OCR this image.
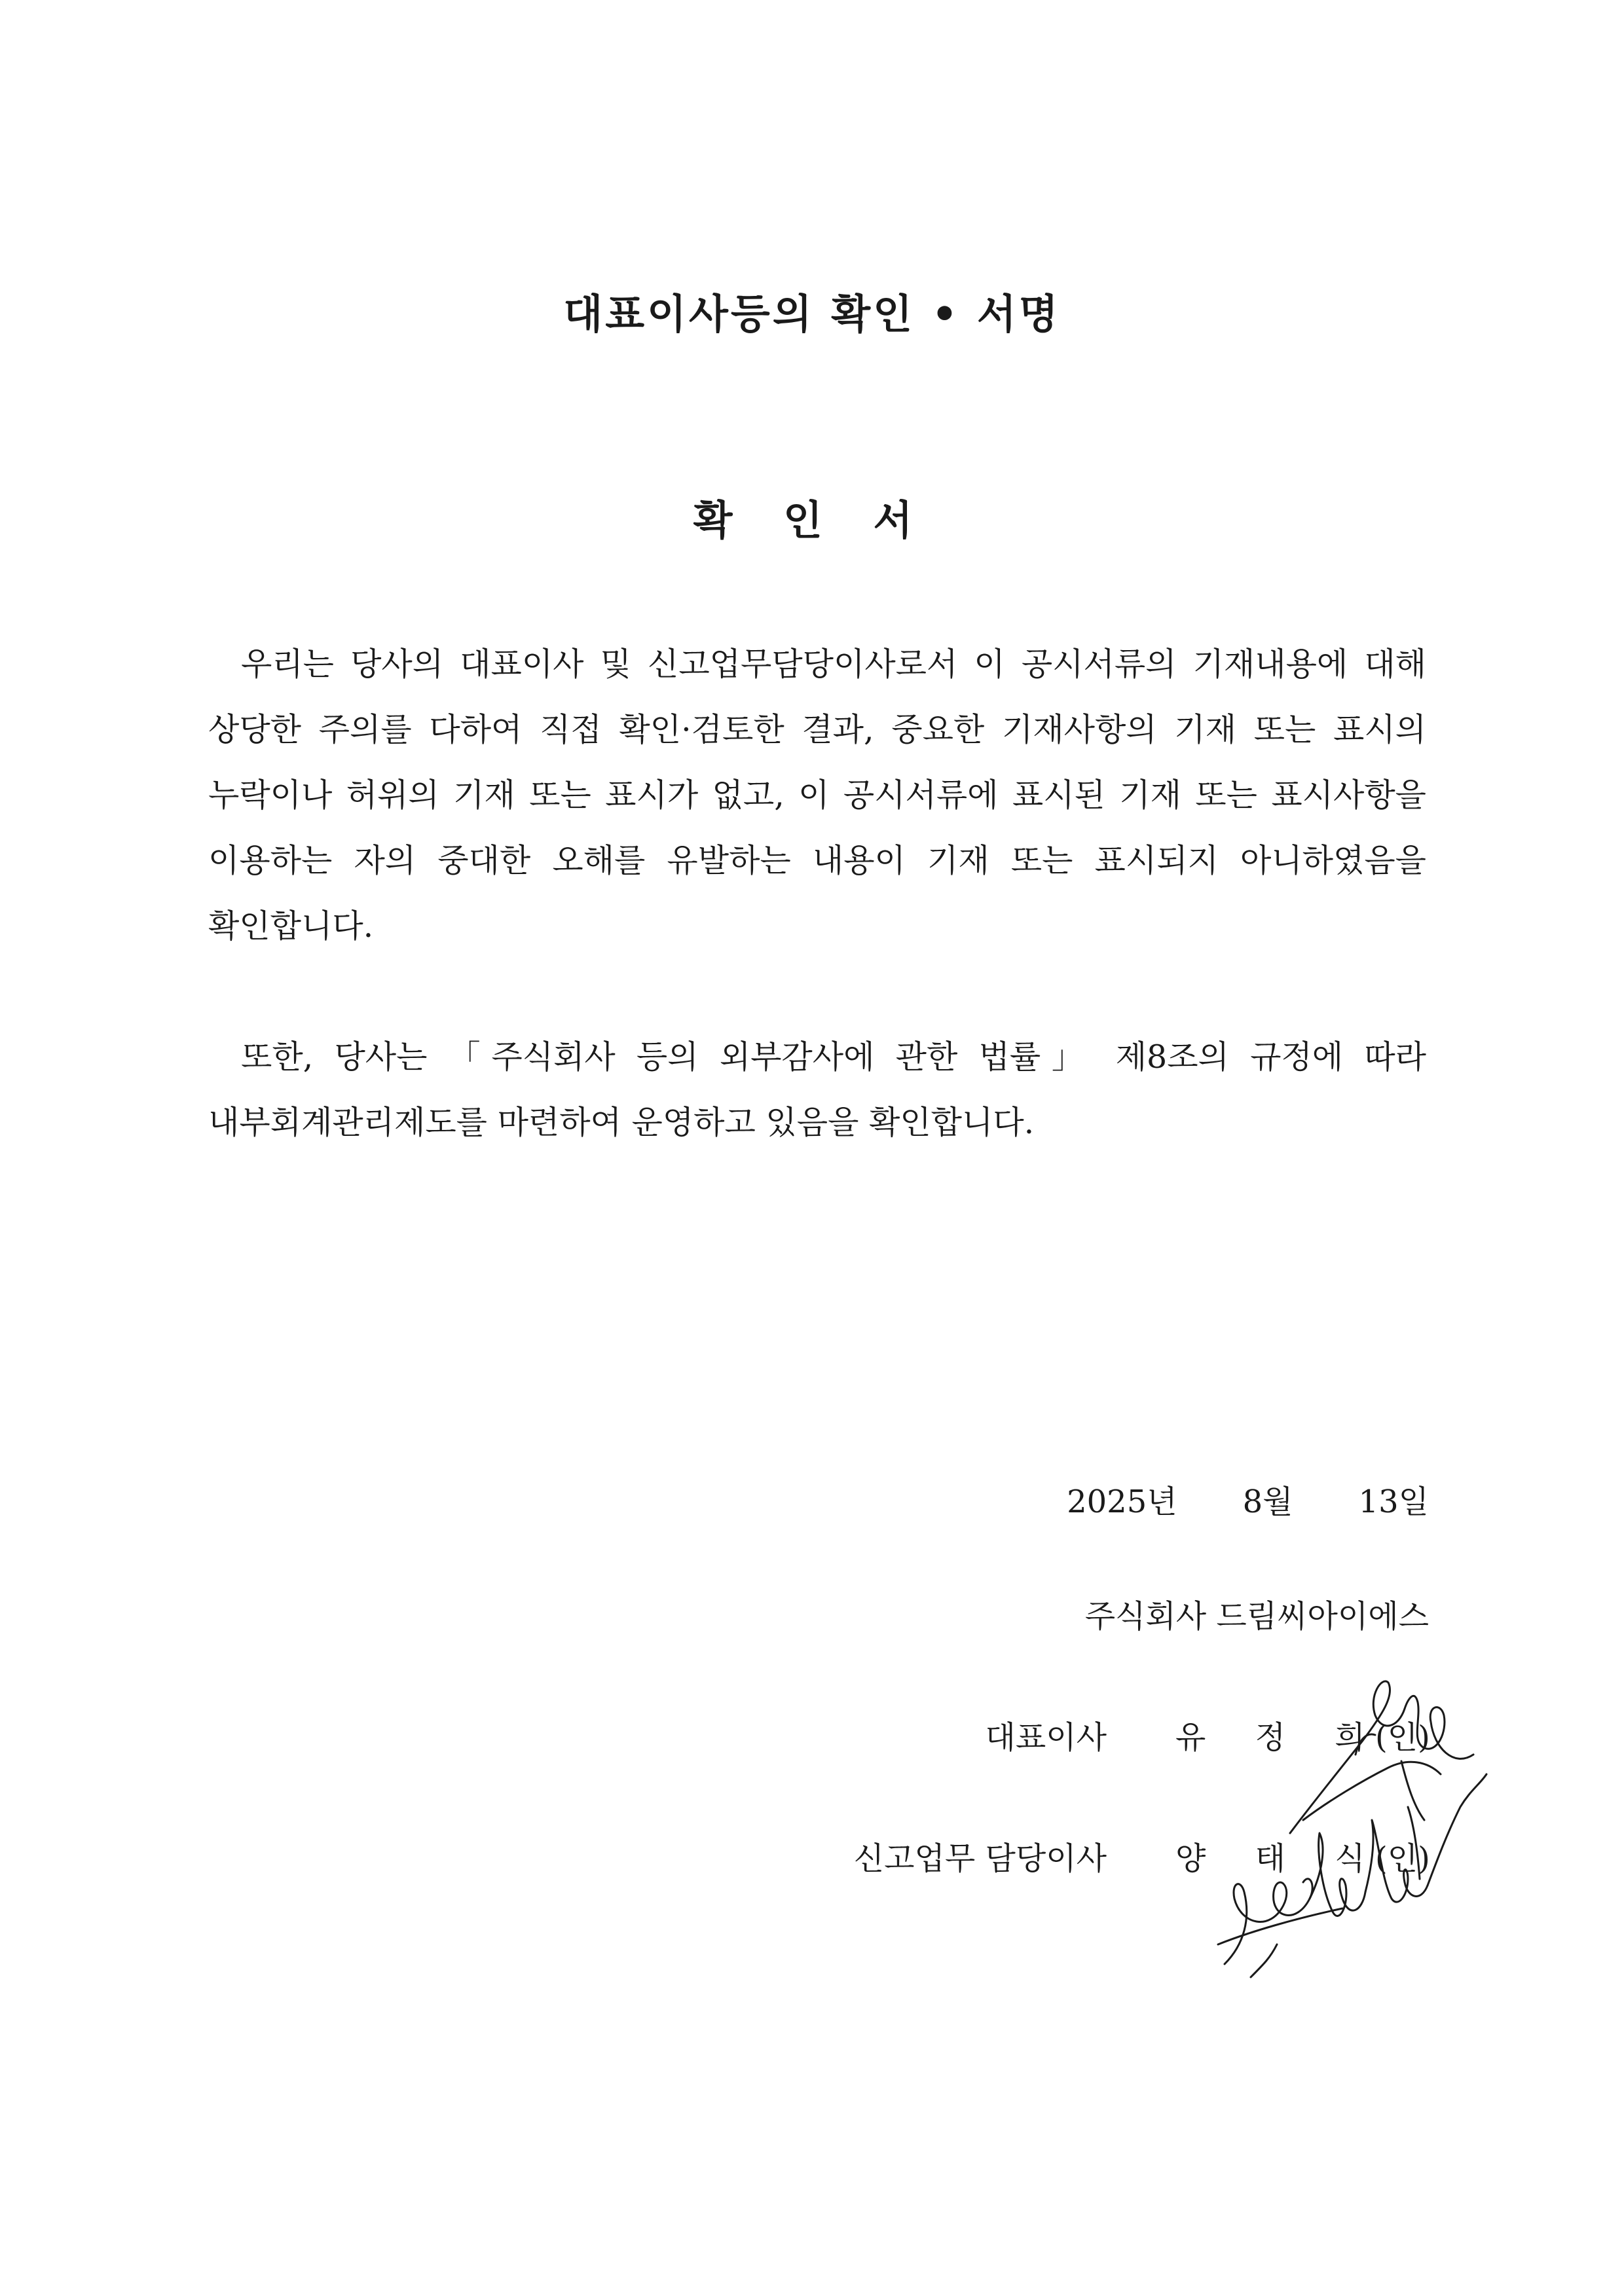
대표이사등의 확인 • 서명
확 인 서

우리는 당사의 대표이사 및 신고업무담당이사로서 이 공시서류의 기재내용에 대해 상당한 주의를 다하여 직접 확인·검토한 결과, 중요한 기재사항의 기재 또는 표시의 누락이나 허위의 기재 또는 표시가 없고, 이 공시서류에 표시된 기재 또는 표시사항을 이용하는 자의 중대한 오해를 유발하는 내용이 기재 또는 표시되지 아니하였음을 확인합니다.

또한, 당사는 「주식회사 등의 외부감사에 관한 법률」 제8조의 규정에 따라 내부회계관리제도를 마련하여 운영하고 있음을 확인합니다.

2025년 8월 13일
주식회사 드림씨아이에스
대표이사 유 정 희
(인)
신고업무 담당이사 양 태 식
(인)
